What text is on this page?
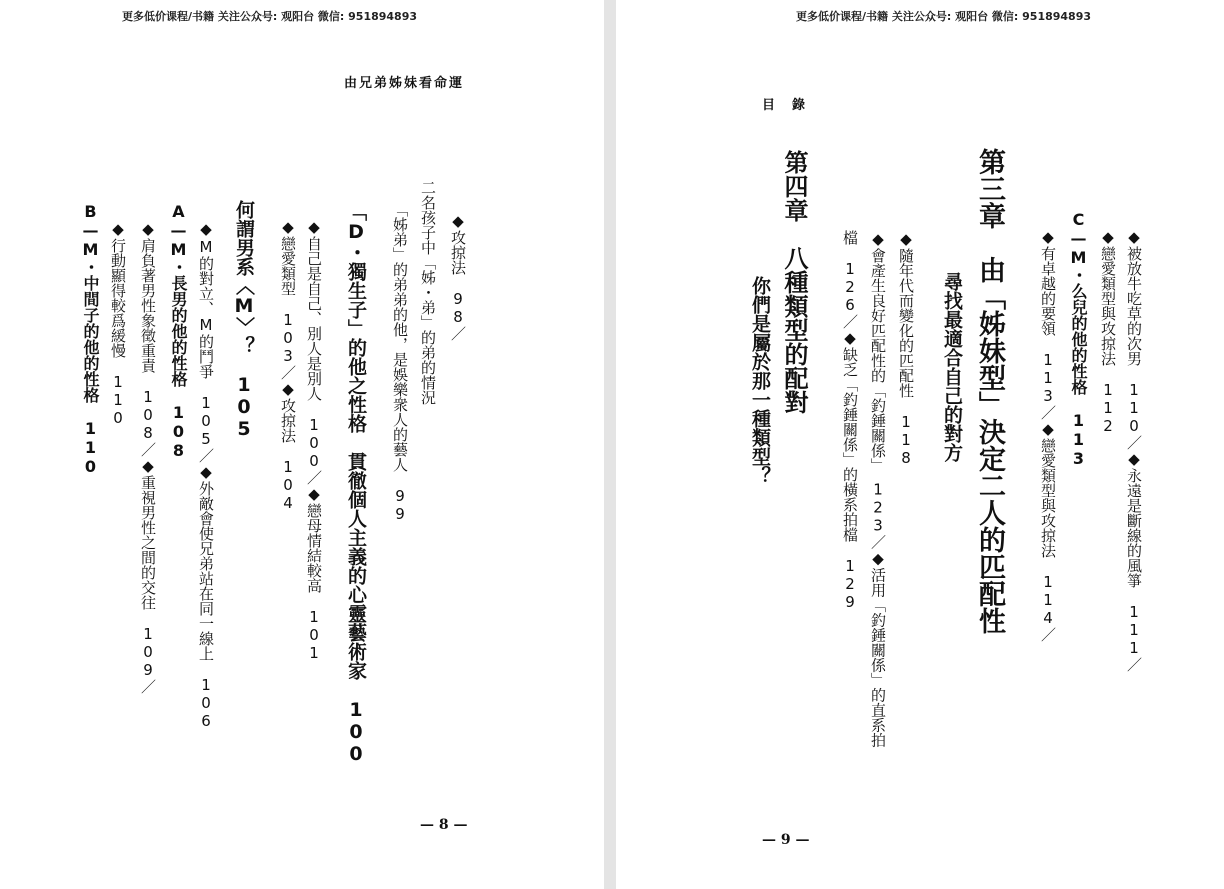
更多低价课程/书籍 关注公众号: 观阳台 微信: 951894893
由兄弟姊妹看命運
◆攻掠法　98／
二名孩子中「姊・弟」的弟的情況
「姊弟」的弟弟的他，是娛樂衆人的藝人　99
「D・獨生子」的他之性格　貫徹個人主義的心靈藝術家　100
◆自己是自己、別人是別人　100／◆戀母情結較高　101
◆戀愛類型　103／◆攻掠法　104
何謂男系〈M〉？　105
◆M的對立、M的鬥爭　105／◆外敵會使兄弟站在同一線上　106
A—M・長男的他的性格　108
◆肩負著男性象徵重責　108／◆重視男性之間的交往　109／
◆行動顯得較爲緩慢　110
B—M・中間子的他的性格　110
— 8 —
更多低价课程/书籍 关注公众号: 观阳台 微信: 951894893
目　錄
◆被放牛吃草的次男　110／◆永遠是斷線的風箏　111／
◆戀愛類型與攻掠法　112
C—M・么兒的他的性格　113
◆有卓越的要領　113／◆戀愛類型與攻掠法　114／
第三章　由「姊妹型」決定二人的匹配性
尋找最適合自己的對方
◆隨年代而變化的匹配性　118
◆會產生良好匹配性的「釣錘關係」　123／◆活用「釣錘關係」的直系拍
檔　126／◆缺乏「釣錘關係」的橫系拍檔　129
第四章　八種類型的配對
你們是屬於那一種類型？
— 9 —
